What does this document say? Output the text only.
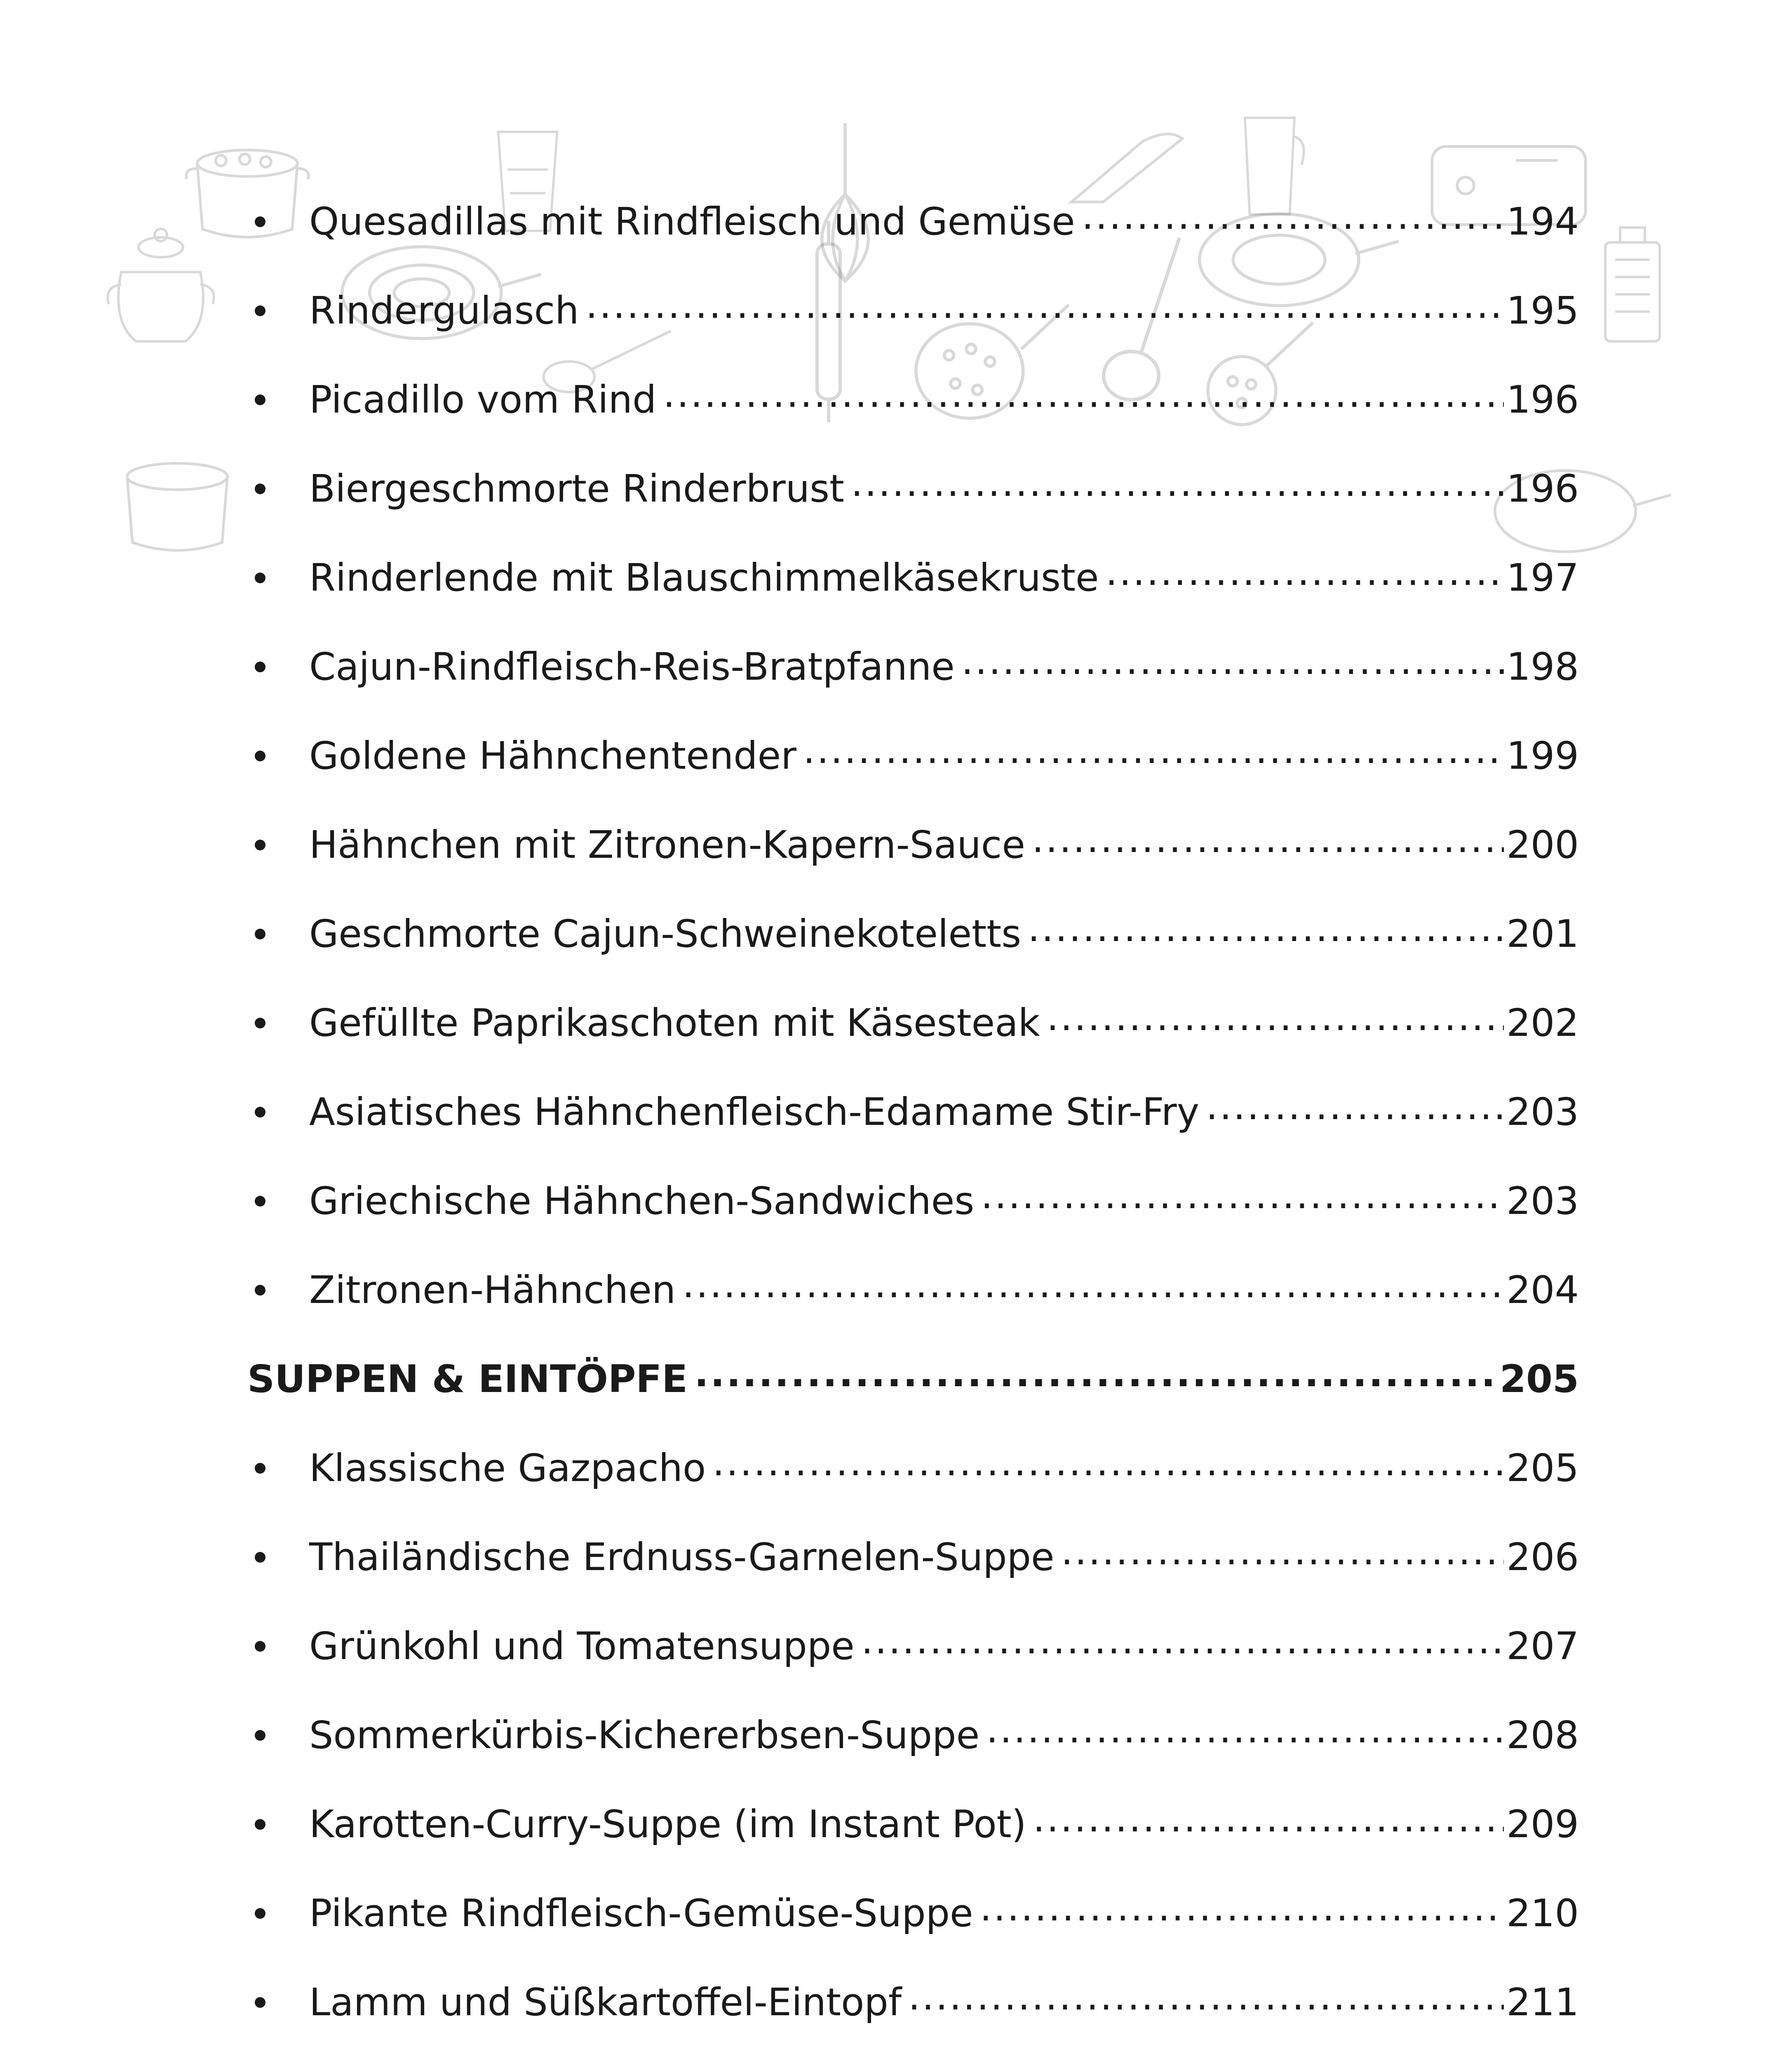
Quesadillas mit Rindfleisch und Gemüse .....	194
Rindergulasch .....	195
Picadillo vom Rind .....	196
Biergeschmorte Rinderbrust .....	196
Rinderlende mit Blauschimmelkäsekruste .....	197
Cajun-Rindfleisch-Reis-Bratpfanne .....	198
Goldene Hähnchentender .....	199
Hähnchen mit Zitronen-Kapern-Sauce .....	200
Geschmorte Cajun-Schweinekoteletts .....	201
Gefüllte Paprikaschoten mit Käsesteak .....	202
Asiatisches Hähnchenfleisch-Edamame Stir-Fry .....	203
Griechische Hähnchen-Sandwiches .....	203
Zitronen-Hähnchen .....	204
SUPPEN & EINTÖPFE .....	205
Klassische Gazpacho .....	205
Thailändische Erdnuss-Garnelen-Suppe .....	206
Grünkohl und Tomatensuppe .....	207
Sommerkürbis-Kichererbsen-Suppe .....	208
Karotten-Curry-Suppe (im Instant Pot) .....	209
Pikante Rindfleisch-Gemüse-Suppe .....	210
Lamm und Süßkartoffel-Eintopf .....	211
